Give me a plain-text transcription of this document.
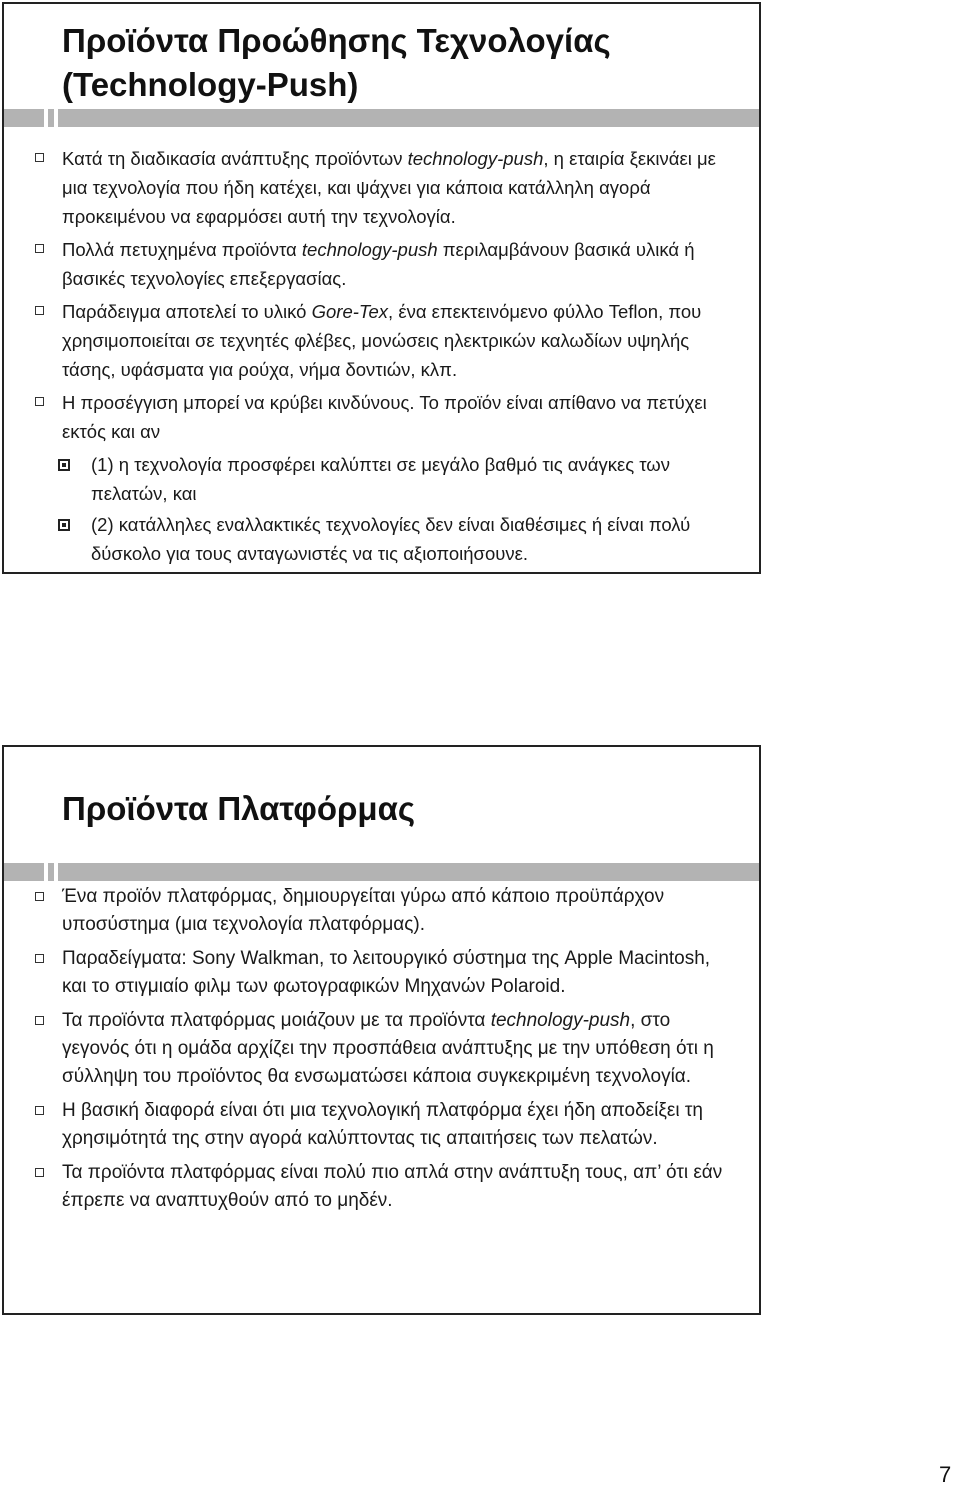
Προϊόντα Προώθησης Τεχνολογίας
(Technology-Push)
Κατά τη διαδικασία ανάπτυξης προϊόντων technology-push, η εταιρία ξεκινάει με μια τεχνολογία που ήδη κατέχει, και ψάχνει για κάποια κατάλληλη αγορά προκειμένου να εφαρμόσει αυτή την τεχνολογία.
Πολλά πετυχημένα προϊόντα technology-push περιλαμβάνουν βασικά υλικά ή βασικές τεχνολογίες επεξεργασίας.
Παράδειγμα αποτελεί το υλικό Gore-Tex, ένα επεκτεινόμενο φύλλο Teflon, που χρησιμοποιείται σε τεχνητές φλέβες, μονώσεις ηλεκτρικών καλωδίων υψηλής τάσης, υφάσματα για ρούχα, νήμα δοντιών, κλπ.
Η προσέγγιση μπορεί να κρύβει κινδύνους. Το προϊόν είναι απίθανο να πετύχει εκτός και αν
(1) η τεχνολογία προσφέρει καλύπτει σε μεγάλο βαθμό τις ανάγκες των πελατών, και
(2) κατάλληλες εναλλακτικές τεχνολογίες δεν είναι διαθέσιμες ή είναι πολύ δύσκολο για τους ανταγωνιστές να τις αξιοποιήσουνε.
Προϊόντα Πλατφόρμας
Ένα προϊόν πλατφόρμας, δημιουργείται γύρω από κάποιο προϋπάρχον υποσύστημα (μια τεχνολογία πλατφόρμας).
Παραδείγματα: Sony Walkman, το λειτουργικό σύστημα της Apple Macintosh, και το στιγμιαίο φιλμ των φωτογραφικών Μηχανών Polaroid.
Τα προϊόντα πλατφόρμας μοιάζουν με τα προϊόντα technology-push, στο γεγονός ότι η ομάδα αρχίζει την προσπάθεια ανάπτυξης με την υπόθεση ότι η σύλληψη του προϊόντος θα ενσωματώσει κάποια συγκεκριμένη τεχνολογία.
Η βασική διαφορά είναι ότι μια τεχνολογική πλατφόρμα έχει ήδη αποδείξει τη χρησιμότητά της στην αγορά καλύπτοντας τις απαιτήσεις των πελατών.
Τα προϊόντα πλατφόρμας είναι πολύ πιο απλά στην ανάπτυξη τους, απ’ ότι εάν έπρεπε να αναπτυχθούν από το μηδέν.
7
